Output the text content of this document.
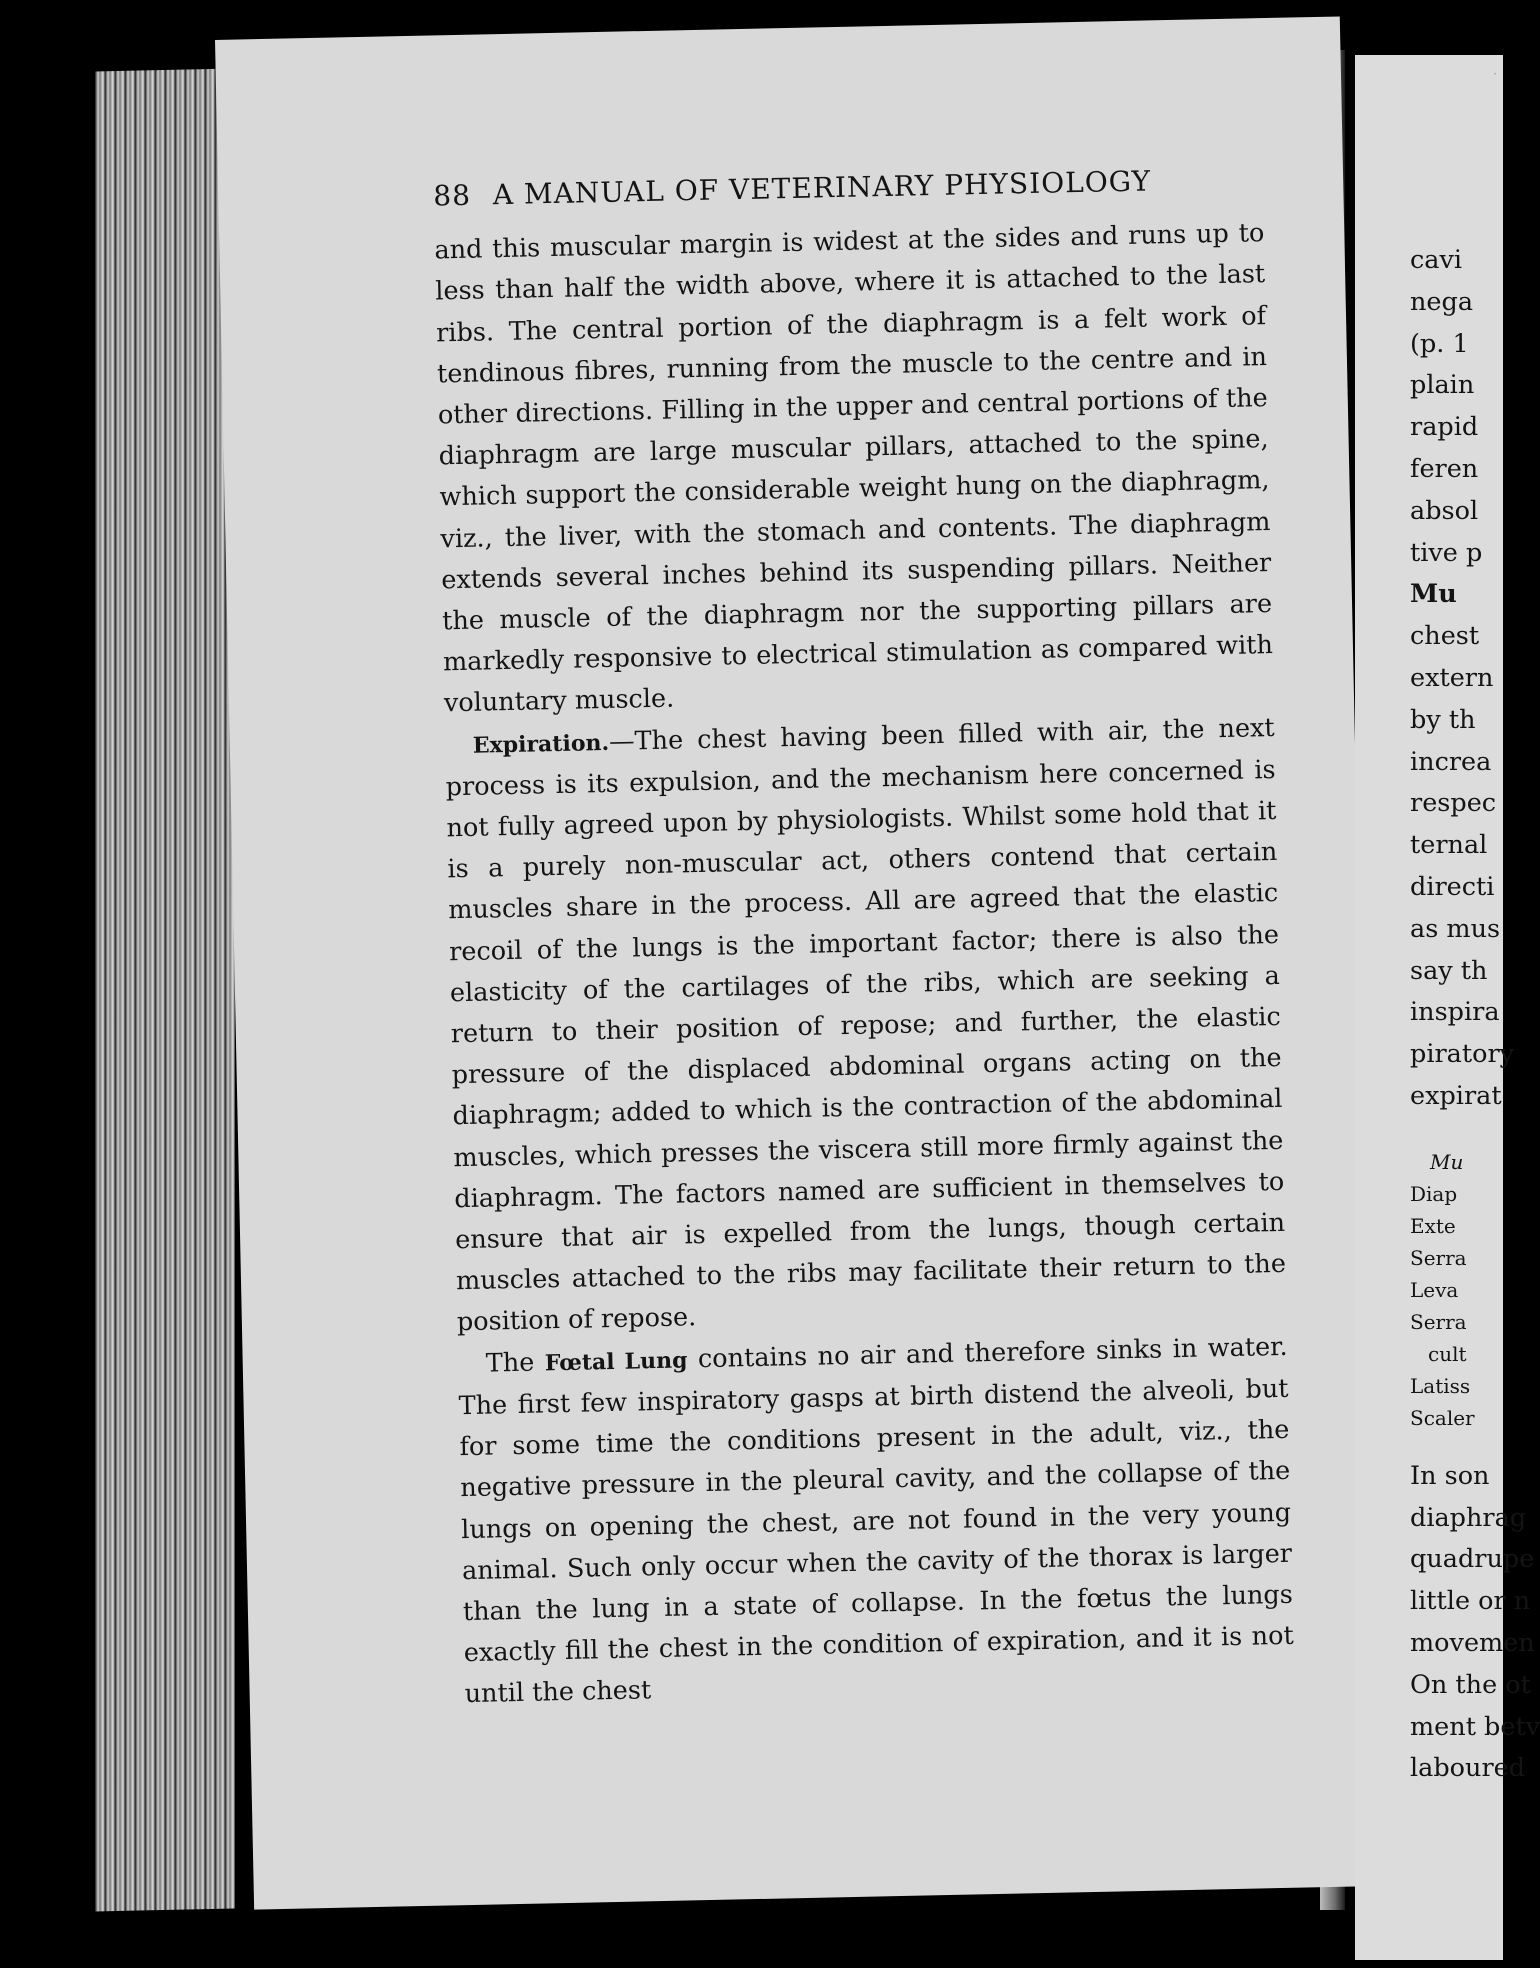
88 A MANUAL OF VETERINARY PHYSIOLOGY

and this muscular margin is widest at the sides and runs up to less than half the width above, where it is attached to the last ribs. The central portion of the diaphragm is a felt work of tendinous fibres, running from the muscle to the centre and in other directions. Filling in the upper and central portions of the diaphragm are large muscular pillars, attached to the spine, which support the considerable weight hung on the diaphragm, viz., the liver, with the stomach and contents. The diaphragm extends several inches behind its suspending pillars. Neither the muscle of the diaphragm nor the supporting pillars are markedly responsive to electrical stimulation as compared with voluntary muscle.

Expiration.—The chest having been filled with air, the next process is its expulsion, and the mechanism here concerned is not fully agreed upon by physiologists. Whilst some hold that it is a purely non-muscular act, others contend that certain muscles share in the process. All are agreed that the elastic recoil of the lungs is the important factor; there is also the elasticity of the cartilages of the ribs, which are seeking a return to their position of repose; and further, the elastic pressure of the displaced abdominal organs acting on the diaphragm; added to which is the contraction of the abdominal muscles, which presses the viscera still more firmly against the diaphragm. The factors named are sufficient in themselves to ensure that air is expelled from the lungs, though certain muscles attached to the ribs may facilitate their return to the position of repose.

The Fœtal Lung contains no air and therefore sinks in water. The first few inspiratory gasps at birth distend the alveoli, but for some time the conditions present in the adult, viz., the negative pressure in the pleural cavity, and the collapse of the lungs on opening the chest, are not found in the very young animal. Such only occur when the cavity of the thorax is larger than the lung in a state of collapse. In the fœtus the lungs exactly fill the chest in the condition of expiration, and it is not until the chest

·
cavi
nega
(p. 1
plain
rapid
feren
absol
tive p
Mu
chest
extern
by th
increa
respec
ternal
directi
as mus
say th
inspira
piratory
expirat
Mu
Diap
Exte
Serra
Leva
Serra
cult
Latiss
Scaler
In son
diaphrag
quadrupe
little or n
movemen
On the ot
ment betv
laboured
